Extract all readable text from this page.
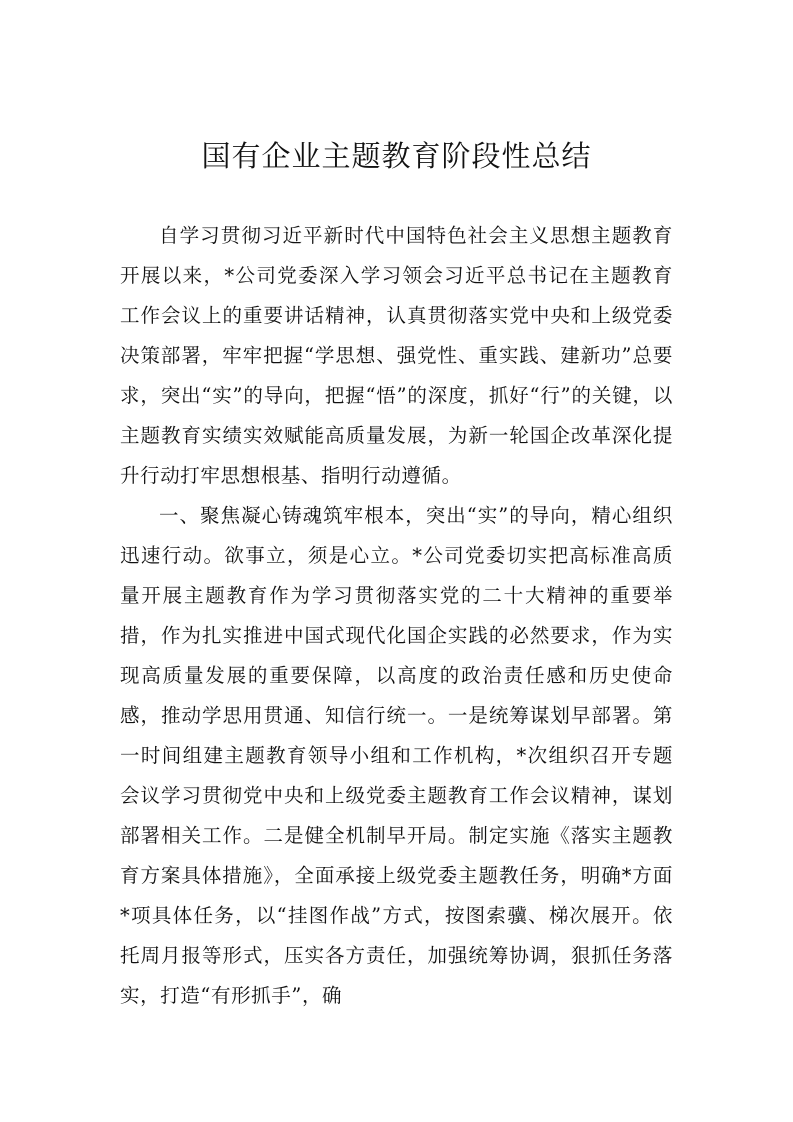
国有企业主题教育阶段性总结

自学习贯彻习近平新时代中国特色社会主义思想主题教育开展以来，*公司党委深入学习领会习近平总书记在主题教育工作会议上的重要讲话精神，认真贯彻落实党中央和上级党委决策部署，牢牢把握“学思想、强党性、重实践、建新功”总要求，突出“实”的导向，把握“悟”的深度，抓好“行”的关键，以主题教育实绩实效赋能高质量发展，为新一轮国企改革深化提升行动打牢思想根基、指明行动遵循。

一、聚焦凝心铸魂筑牢根本，突出“实”的导向，精心组织迅速行动。欲事立，须是心立。*公司党委切实把高标准高质量开展主题教育作为学习贯彻落实党的二十大精神的重要举措，作为扎实推进中国式现代化国企实践的必然要求，作为实现高质量发展的重要保障，以高度的政治责任感和历史使命感，推动学思用贯通、知信行统一。一是统筹谋划早部署。第一时间组建主题教育领导小组和工作机构，*次组织召开专题会议学习贯彻党中央和上级党委主题教育工作会议精神，谋划部署相关工作。二是健全机制早开局。制定实施《落实主题教育方案具体措施》，全面承接上级党委主题教任务，明确*方面*项具体任务，以“挂图作战”方式，按图索骥、梯次展开。依托周月报等形式，压实各方责任，加强统筹协调，狠抓任务落实，打造“有形抓手”，确
